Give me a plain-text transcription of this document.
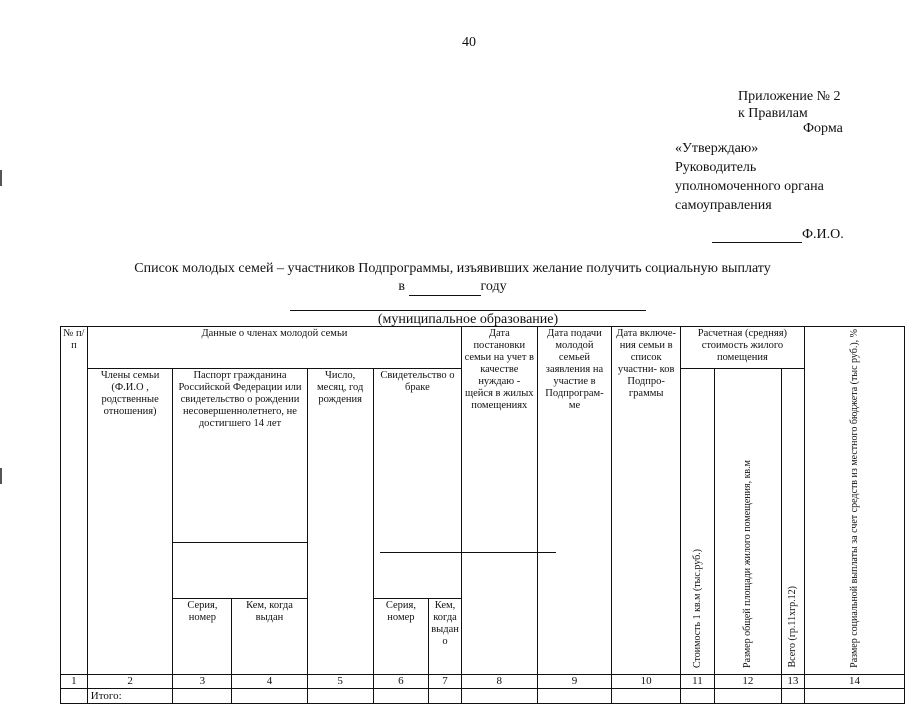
40
Приложение № 2
к Правилам
Форма
«Утверждаю»
Руководитель
уполномоченного органа
самоуправления
Ф.И.О.
Список молодых семей – участников Подпрограммы, изъявивших желание получить социальную выплату
в	году
(муниципальное образование)
№ п/п	Данные о членах молодой семьи						Дата постановки семьи на учет в качестве нуждаю - щейся в жилых помещениях	Дата подачи молодой семьей заявления на участие в Подпрограм- ме	Дата включе- ния семьи в список участни- ков Подпро- граммы	Расчетная (средняя) стоимость жилого помещения			Размер социальной выплаты за счет средств из местного бюджета (тыс руб.), %
	Члены семьи (Ф.И.О , родственные отношения)	Паспорт гражданина Российской Федерации или свидетельство о рождении несовершеннолетнего, не достигшего 14 лет		Число, месяц, год рождения	Свидетельство о браке					Стоимость 1 кв.м (тыс.руб.)	Размер общей площади жилого помещения, кв.м	Всего (гр.11хгр.12)	

		Серия, номер	Кем, когда выдан		Серия, номер	Кем, когда выдан о							
1	2	3	4	5	6	7	8	9	10	11	12	13	14
	Итого:												
